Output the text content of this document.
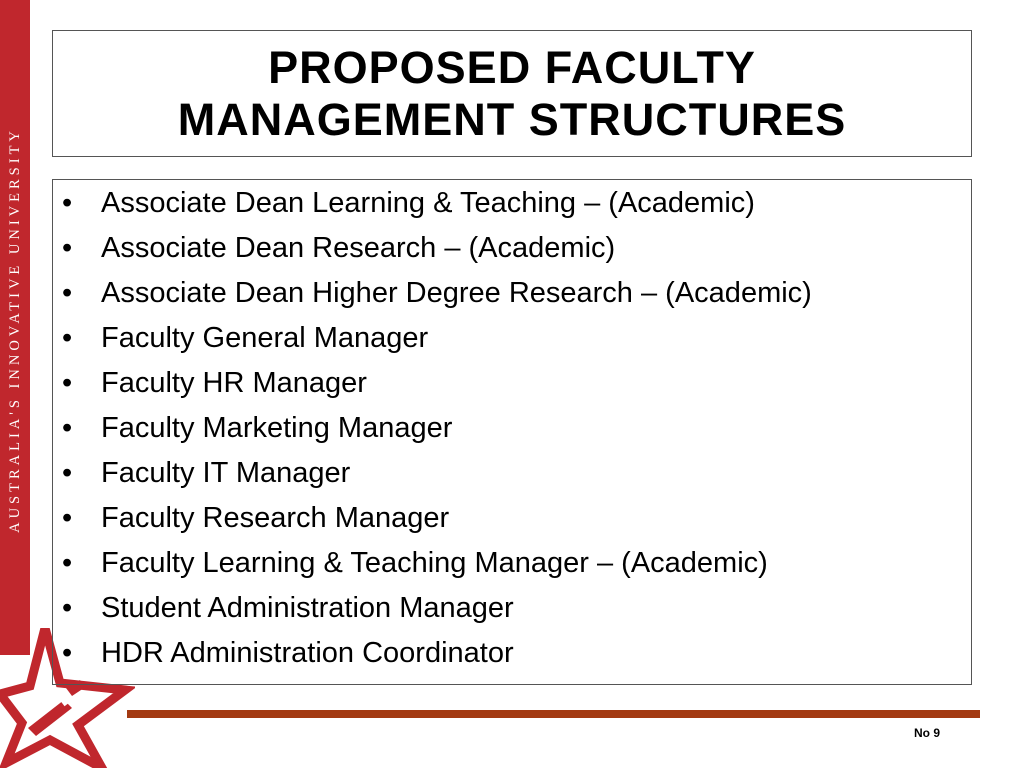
AUSTRALIA'S INNOVATIVE UNIVERSITY
PROPOSED FACULTY
MANAGEMENT STRUCTURES
• Associate Dean Learning & Teaching – (Academic)
• Associate Dean Research – (Academic)
• Associate Dean Higher Degree Research – (Academic)
• Faculty General Manager
• Faculty HR Manager
• Faculty Marketing Manager
• Faculty IT Manager
• Faculty Research Manager
• Faculty Learning & Teaching Manager – (Academic)
• Student Administration Manager
• HDR Administration Coordinator
No 9
